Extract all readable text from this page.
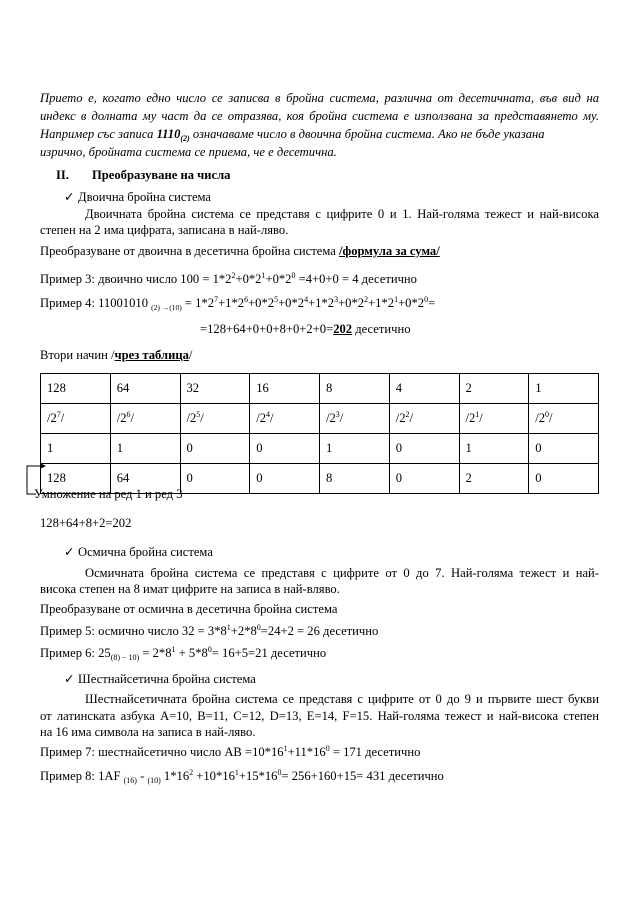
Прието е, когато едно число се записва в бройна система, различна от десетичната, във вид на
индекс в долната му част да се отразява, коя бройна система е използвана за представянето му.
Например със записа $1110_{(2)}$ означаваме число в двоична бройна система. Ако не бъде указана
изрично, бройната система се приема, че е десетична.
II. Преобразуване на числа
✓ Двоична бройна система
Двоичната бройна система се представя с цифрите 0 и 1. Най-голяма тежест и най-висока
степен на 2 има цифрата, записана в най-ляво.
Преобразуване от двоична в десетична бройна система /формула за сума/
Пример 3: двоично число $100 = 1*2^2+0*2^1+0*2^0 =4+0+0 = 4$ десетично
Пример 4: 11001010 $_{(2) \to(10)} = 1*2^7+1*2^6+0*2^5+0*2^4+1*2^3+0*2^2+1*2^1+0*2^0=$
=128+64+0+0+8+0+2+0=202 десетично
Втори начин /чрез таблица/
128	64	32	16	8	4	2	1
$/2^7/$	$/2^6/$	$/2^5/$	$/2^4/$	$/2^3/$	$/2^2/$	$/2^1/$	$/2^0/$
1	1	0	0	1	0	1	0
128	64	0	0	8	0	2	0
Умножение на ред 1 и ред 3
128+64+8+2=202
✓ Осмична бройна система
Осмичната бройна система се представя с цифрите от 0 до 7. Най-голяма тежест и най-
висока степен на 8 имат цифрите на записа в най-вляво.
Преобразуване от осмична в десетична бройна система
Пример 5: осмично число $32 = 3*8^1+2*8^0=24+2 = 26$ десетично
Пример 6: $25_{(8) - 10)} = 2*8^1 + 5*8^0= 16+5=21$ десетично
✓ Шестнайсетична бройна система
Шестнайсетичната бройна система се представя с цифрите от 0 до 9 и първите шест букви
от латинската азбука A=10, B=11, C=12, D=13, E=14, F=15. Най-голяма тежест и най-висока степен
на 16 има символа на записа в най-ляво.
Пример 7: шестнайсетично число AB $=10*16^1+11*16^0 = 171$ десетично
Пример 8: 1AF $_{(16)}$ - $_{(10)}$ $1*16^2 +10*16^1+15*16^0= 256+160+15= 431$ десетично
